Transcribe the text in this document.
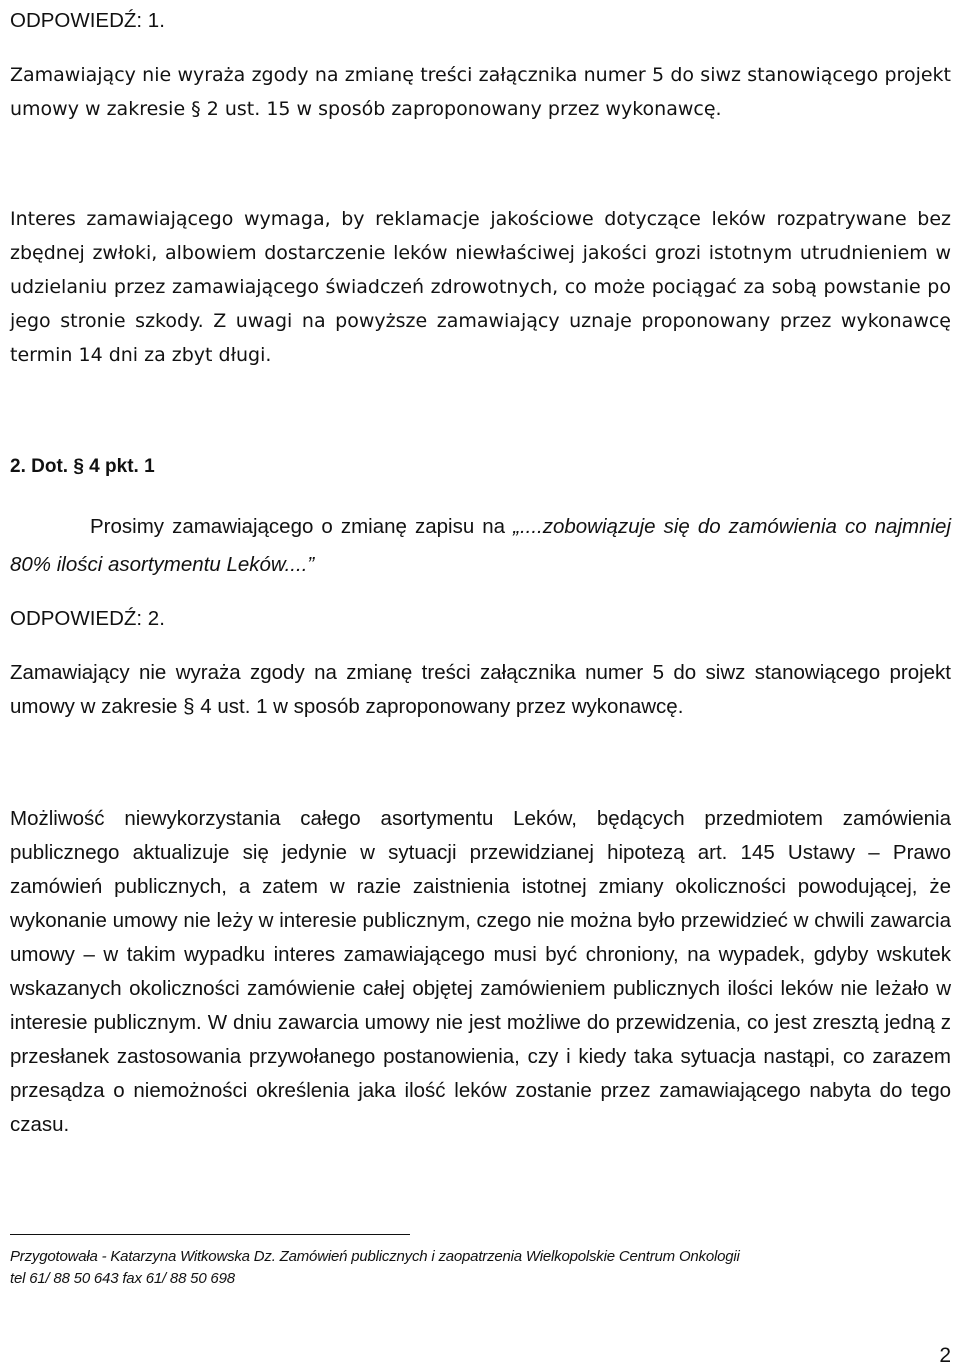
ODPOWIEDŹ: 1.

Zamawiający nie wyraża zgody na zmianę treści załącznika numer 5 do siwz stanowiącego projekt umowy w zakresie § 2 ust. 15 w sposób zaproponowany przez wykonawcę.

Interes zamawiającego wymaga, by reklamacje jakościowe dotyczące leków rozpatrywane bez zbędnej zwłoki, albowiem dostarczenie leków niewłaściwej jakości grozi istotnym utrudnieniem w udzielaniu przez zamawiającego świadczeń zdrowotnych, co może pociągać za sobą powstanie po jego stronie szkody. Z uwagi na powyższe zamawiający uznaje proponowany przez wykonawcę termin 14 dni za zbyt długi.

2. Dot. § 4 pkt. 1

Prosimy zamawiającego o zmianę zapisu na „....zobowiązuje się do zamówienia co najmniej 80% ilości asortymentu Leków....”

ODPOWIEDŹ: 2.

Zamawiający nie wyraża zgody na zmianę treści załącznika numer 5 do siwz stanowiącego projekt umowy w zakresie § 4 ust. 1 w sposób zaproponowany przez wykonawcę.

Możliwość niewykorzystania całego asortymentu Leków, będących przedmiotem zamówienia publicznego aktualizuje się jedynie w sytuacji przewidzianej hipotezą art. 145 Ustawy – Prawo zamówień publicznych, a zatem w razie zaistnienia istotnej zmiany okoliczności powodującej, że wykonanie umowy nie leży w interesie publicznym, czego nie można było przewidzieć w chwili zawarcia umowy – w takim wypadku interes zamawiającego musi być chroniony, na wypadek, gdyby wskutek wskazanych okoliczności zamówienie całej objętej zamówieniem publicznych ilości leków nie leżało w interesie publicznym. W dniu zawarcia umowy nie jest możliwe do przewidzenia, co jest zresztą jedną z przesłanek zastosowania przywołanego postanowienia, czy i kiedy taka sytuacja nastąpi, co zarazem przesądza o niemożności określenia jaka ilość leków zostanie przez zamawiającego nabyta do tego czasu.

Przygotowała - Katarzyna Witkowska Dz. Zamówień publicznych i zaopatrzenia Wielkopolskie Centrum Onkologii
tel 61/ 88 50 643 fax 61/ 88 50 698

2
